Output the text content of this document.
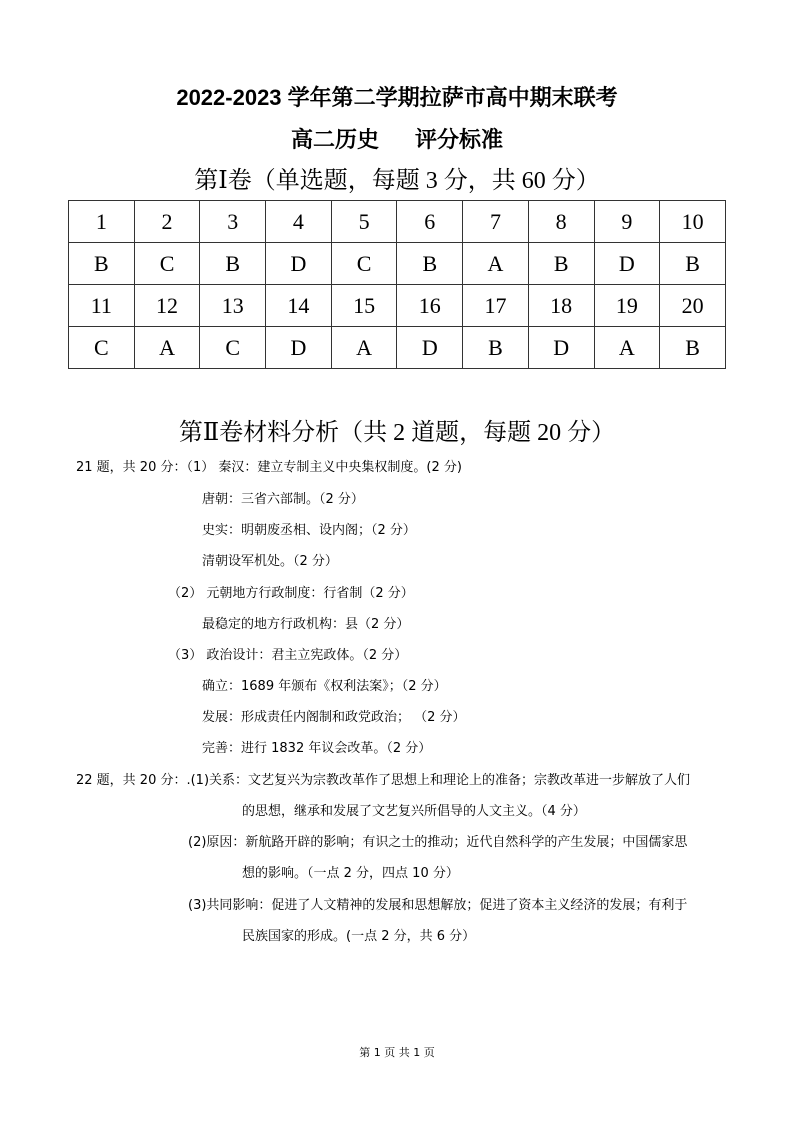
2022-2023 学年第二学期拉萨市高中期末联考
高二历史 评分标准
第Ⅰ卷（单选题，每题 3 分，共 60 分）
1	2	3	4	5	6	7	8	9	10
B	C	B	D	C	B	A	B	D	B
11	12	13	14	15	16	17	18	19	20
C	A	C	D	A	D	B	D	A	B
第Ⅱ卷材料分析（共 2 道题，每题 20 分）
21 题，共 20 分：（1） 秦汉：建立专制主义中央集权制度。(2 分)
唐朝：三省六部制。（2 分）
史实：明朝废丞相、设内阁；（2 分）
清朝设军机处。（2 分）
（2） 元朝地方行政制度：行省制（2 分）
最稳定的地方行政机构：县（2 分）
（3） 政治设计：君主立宪政体。（2 分）
确立：1689 年颁布《权利法案》；（2 分）
发展：形成责任内阁制和政党政治； （2 分）
完善：进行 1832 年议会改革。（2 分）
22 题，共 20 分：.(1)关系：文艺复兴为宗教改革作了思想上和理论上的准备；宗教改革进一步解放了人们
的思想，继承和发展了文艺复兴所倡导的人文主义。（4 分）
(2)原因：新航路开辟的影响；有识之士的推动；近代自然科学的产生发展；中国儒家思
想的影响。（一点 2 分，四点 10 分）
(3)共同影响：促进了人文精神的发展和思想解放；促进了资本主义经济的发展；有利于
民族国家的形成。(一点 2 分，共 6 分）
第 1 页 共 1 页
